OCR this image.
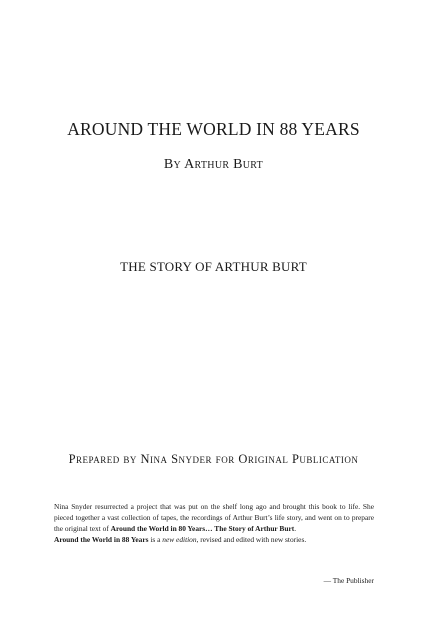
AROUND THE WORLD IN 88 YEARS
By Arthur Burt
THE STORY OF ARTHUR BURT
Prepared by Nina Snyder for Original Publication

Nina Snyder resurrected a project that was put on the shelf long ago and brought this book to life. She pieced together a vast collection of tapes, the recordings of Arthur Burt’s life story, and went on to prepare the original text of Around the World in 80 Years… The Story of Arthur Burt.

Around the World in 88 Years is a new edition, revised and edited with new stories.

— The Publisher
